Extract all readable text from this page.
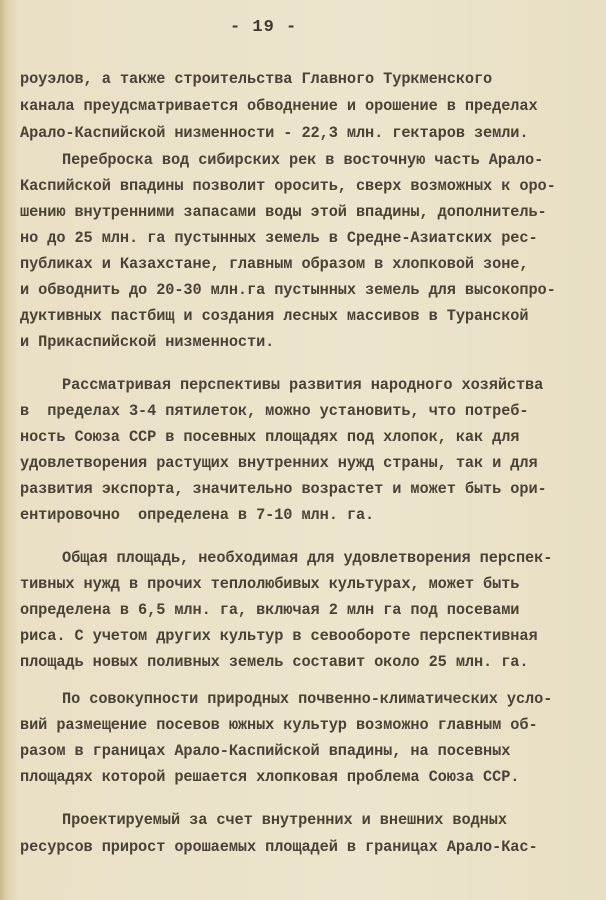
- 19 -
роуэлов, а также строительства Главного Туркменского
канала преудсматривается обводнение и орошение в пределах
Арало-Каспийской низменности - 22,3 млн. гектаров земли.
Переброска вод сибирских рек в восточную часть Арало-
Каспийской впадины позволит оросить, сверх возможных к оро-
шению внутренними запасами воды этой впадины, дополнитель-
но до 25 млн. га пустынных земель в Средне-Азиатских рес-
публиках и Казахстане, главным образом в хлопковой зоне,
и обводнить до 20-30 млн.га пустынных земель для высокопро-
дуктивных пастбищ и создания лесных массивов в Туранской
и Прикаспийской низменности.
Рассматривая перспективы развития народного хозяйства
в  пределах 3-4 пятилеток, можно установить, что потреб-
ность Союза ССР в посевных площадях под хлопок, как для
удовлетворения растущих внутренних нужд страны, так и для
развития экспорта, значительно возрастет и может быть ори-
ентировочно  определена в 7-10 млн. га.
Общая площадь, необходимая для удовлетворения перспек-
тивных нужд в прочих теплолюбивых культурах, может быть
определена в 6,5 млн. га, включая 2 млн га под посевами
риса. С учетом других культур в севообороте перспективная
площадь новых поливных земель составит около 25 млн. га.
По совокупности природных почвенно-климатических усло-
вий размещение посевов южных культур возможно главным об-
разом в границах Арало-Каспийской впадины, на посевных
площадях которой решается хлопковая проблема Союза ССР.
Проектируемый за счет внутренних и внешних водных
ресурсов прирост орошаемых площадей в границах Арало-Кас-
